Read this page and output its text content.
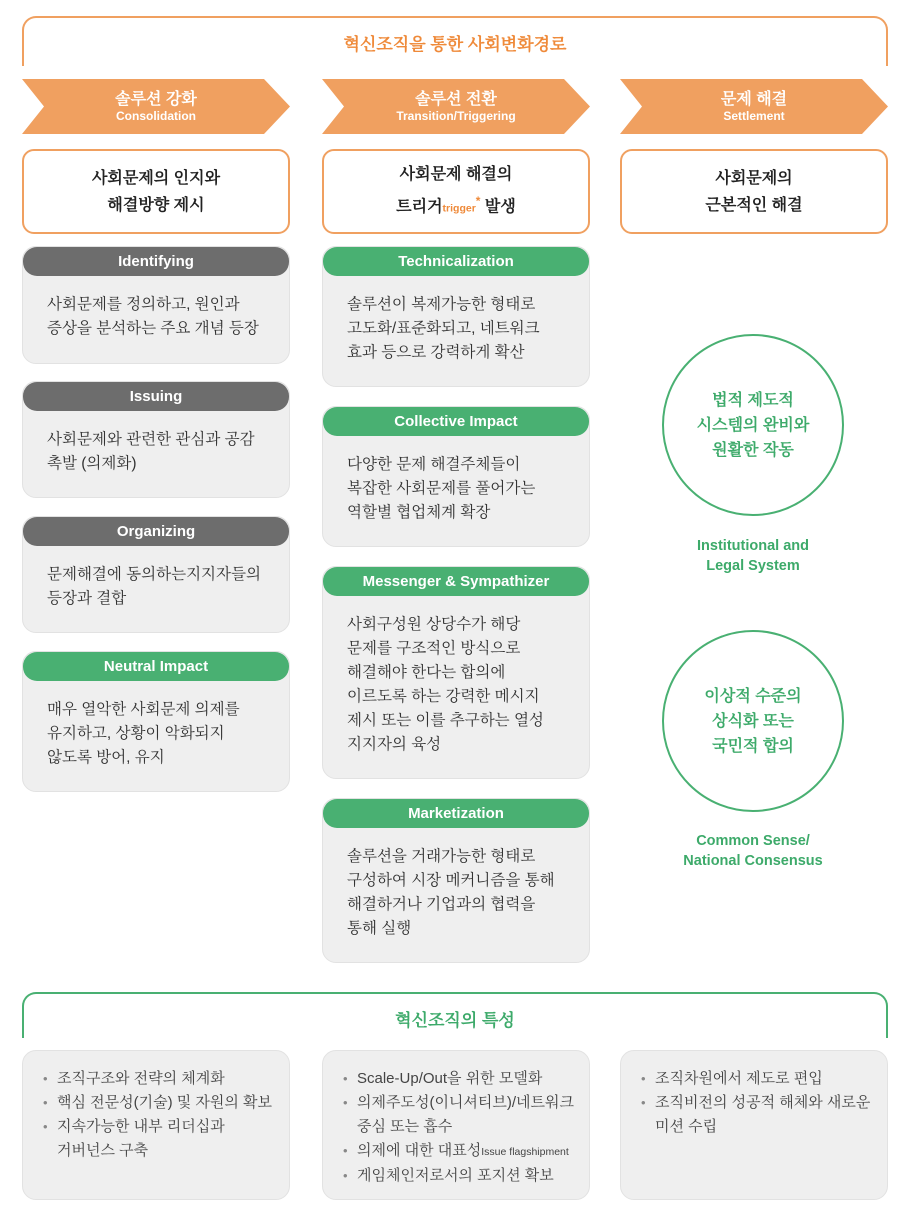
혁신조직을 통한 사회변화경로
솔루션 강화
Consolidation
솔루션 전환
Transition/Triggering
문제 해결
Settlement
사회문제의 인지와
해결방향 제시
사회문제 해결의
트리거trigger* 발생
사회문제의
근본적인 해결
Identifying
사회문제를 정의하고, 원인과
증상을 분석하는 주요 개념 등장
Issuing
사회문제와 관련한 관심과 공감
촉발 (의제화)
Organizing
문제해결에 동의하는지지자들의
등장과 결합
Neutral Impact
매우 열악한 사회문제 의제를
유지하고, 상황이 악화되지
않도록 방어, 유지
Technicalization
솔루션이 복제가능한 형태로
고도화/표준화되고, 네트워크
효과 등으로 강력하게 확산
Collective Impact
다양한 문제 해결주체들이
복잡한 사회문제를 풀어가는
역할별 협업체계 확장
Messenger & Sympathizer
사회구성원 상당수가 해당
문제를 구조적인 방식으로
해결해야 한다는 합의에
이르도록 하는 강력한 메시지
제시 또는 이를 추구하는 열성
지지자의 육성
Marketization
솔루션을 거래가능한 형태로
구성하여 시장 메커니즘을 통해
해결하거나 기업과의 협력을
통해 실행
법적 제도적
시스템의 완비와
원활한 작동
Institutional and
Legal System
이상적 수준의
상식화 또는
국민적 합의
Common Sense/
National Consensus
혁신조직의 특성
• 조직구조와 전략의 체계화
• 핵심 전문성(기술) 및 자원의 확보
• 지속가능한 내부 리더십과
거버넌스 구축
• Scale-Up/Out을 위한 모델화
• 의제주도성(이니셔티브)/네트워크
중심 또는 흡수
• 의제에 대한 대표성Issue flagshipment
• 게임체인저로서의 포지션 확보
• 조직차원에서 제도로 편입
• 조직비전의 성공적 해체와 새로운
미션 수립
